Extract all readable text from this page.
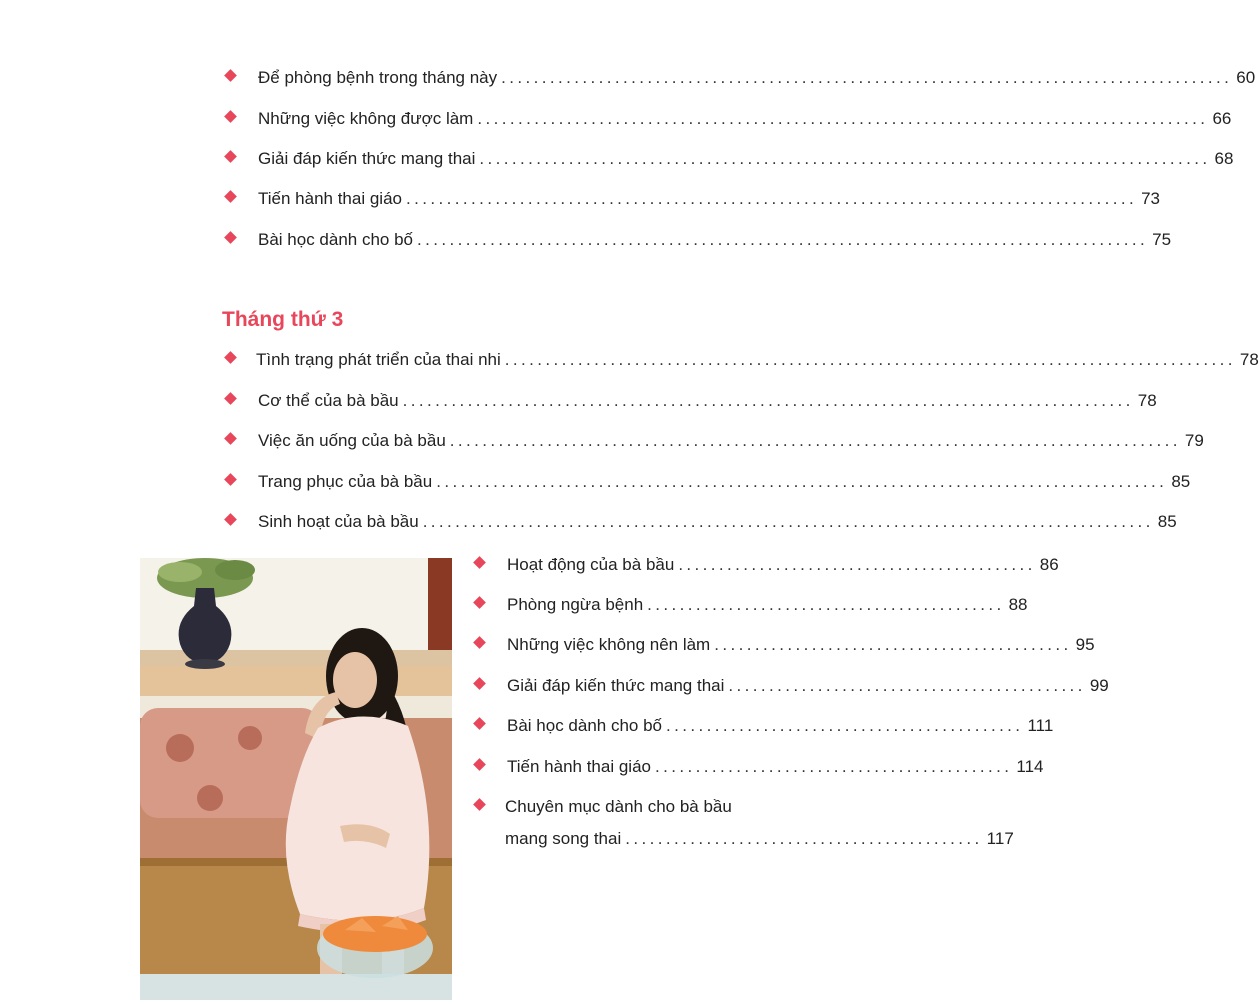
Để phòng bệnh trong tháng này .......................................................................................... 60
Những việc không được làm .......................................................................................... 66
Giải đáp kiến thức mang thai .......................................................................................... 68
Tiến hành thai giáo .......................................................................................... 73
Bài học dành cho bố .......................................................................................... 75
Tháng thứ 3
Tình trạng phát triển của thai nhi .......................................................................................... 78
Cơ thể của bà bầu .......................................................................................... 78
Việc ăn uống của bà bầu .......................................................................................... 79
Trang phục của bà bầu .......................................................................................... 85
Sinh hoạt của bà bầu .......................................................................................... 85
Hoạt động của bà bầu ............................................ 86
Phòng ngừa bệnh ............................................ 88
Những việc không nên làm ............................................ 95
Giải đáp kiến thức mang thai ............................................ 99
Bài học dành cho bố ............................................ 111
Tiến hành thai giáo ............................................ 114
Chuyên mục dành cho bà bầu
mang song thai ............................................ 117
